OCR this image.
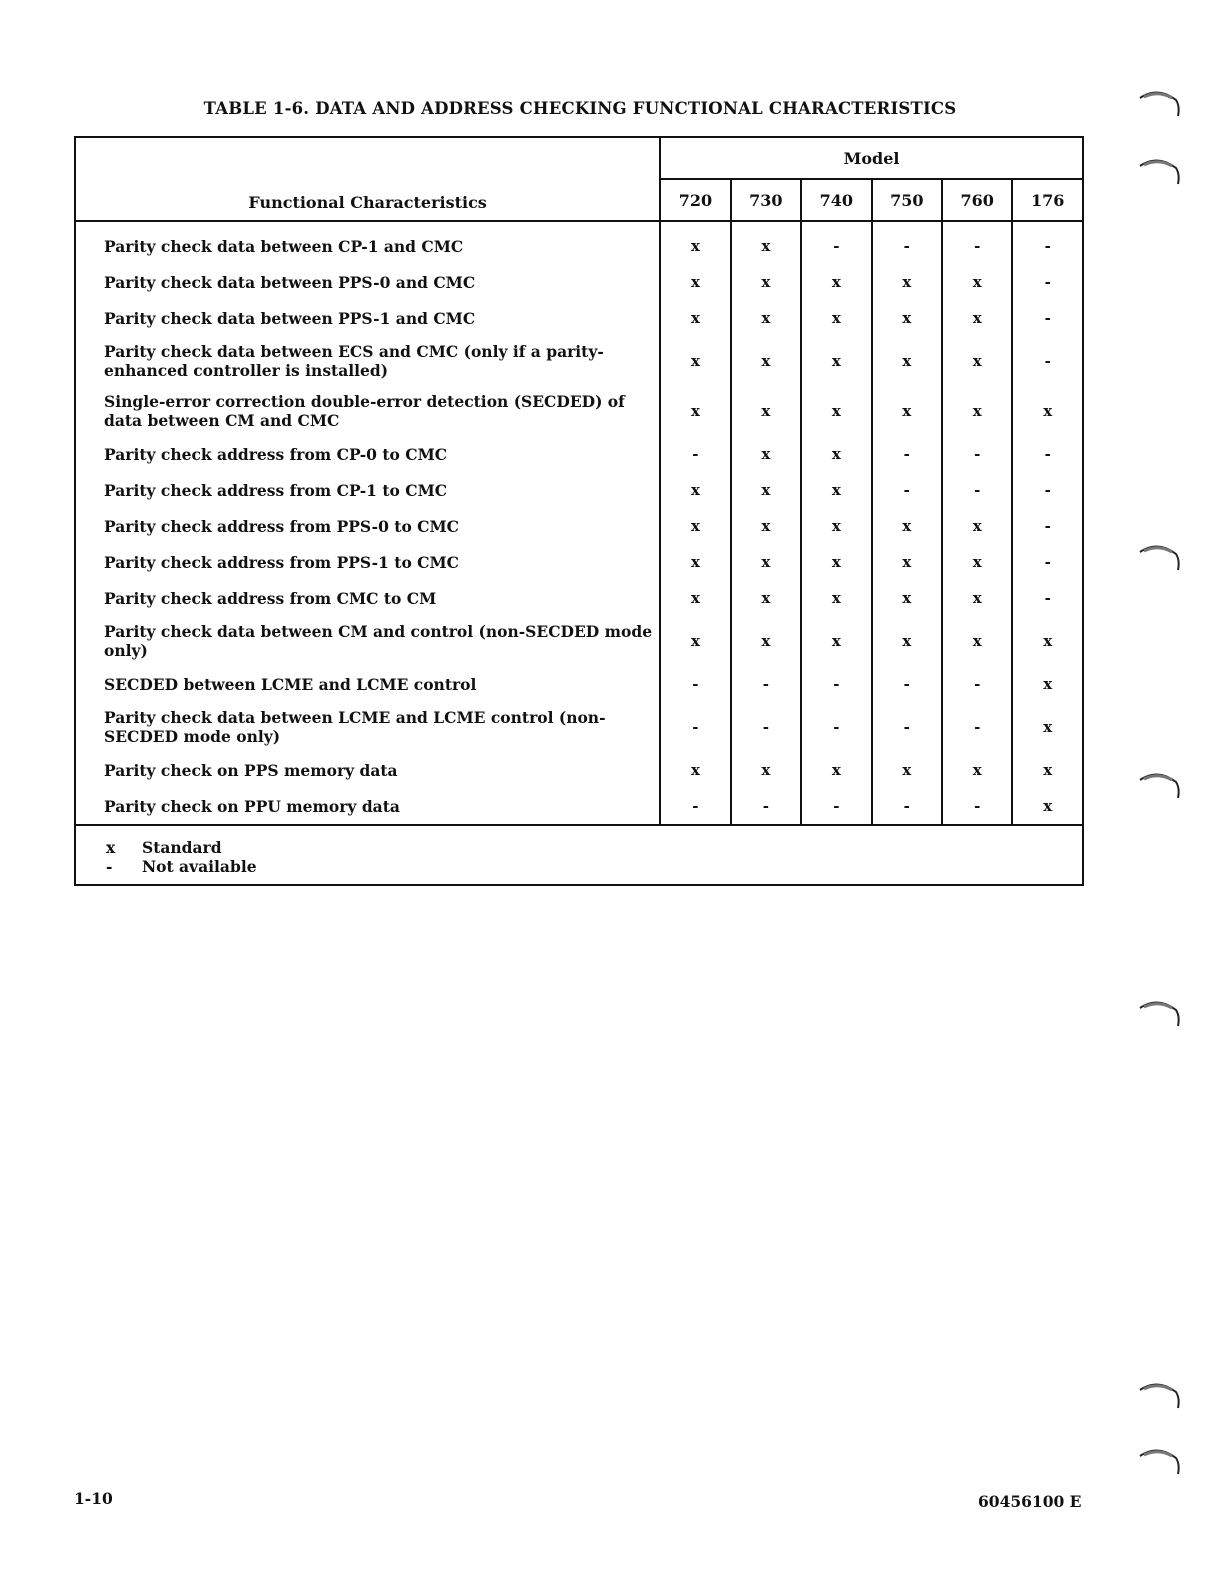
TABLE 1-6. DATA AND ADDRESS CHECKING FUNCTIONAL CHARACTERISTICS
Functional Characteristics	Model					
	720	730	740	750	760	176
Parity check data between CP-1 and CMC	x	x	-	-	-	-
Parity check data between PPS-0 and CMC	x	x	x	x	x	-
Parity check data between PPS-1 and CMC	x	x	x	x	x	-
Parity check data between ECS and CMC (only if a parity-enhanced controller is installed)	x	x	x	x	x	-
Single-error correction double-error detection (SECDED) of data between CM and CMC	x	x	x	x	x	x
Parity check address from CP-0 to CMC	-	x	x	-	-	-
Parity check address from CP-1 to CMC	x	x	x	-	-	-
Parity check address from PPS-0 to CMC	x	x	x	x	x	-
Parity check address from PPS-1 to CMC	x	x	x	x	x	-
Parity check address from CMC to CM	x	x	x	x	x	-
Parity check data between CM and control (non-SECDED mode only)	x	x	x	x	x	x
SECDED between LCME and LCME control	-	-	-	-	-	x
Parity check data between LCME and LCME control (non-SECDED mode only)	-	-	-	-	-	x
Parity check on PPS memory data	x	x	x	x	x	x
Parity check on PPU memory data	-	-	-	-	-	x

x Standard
- Not available						
1-10	60456100 E
